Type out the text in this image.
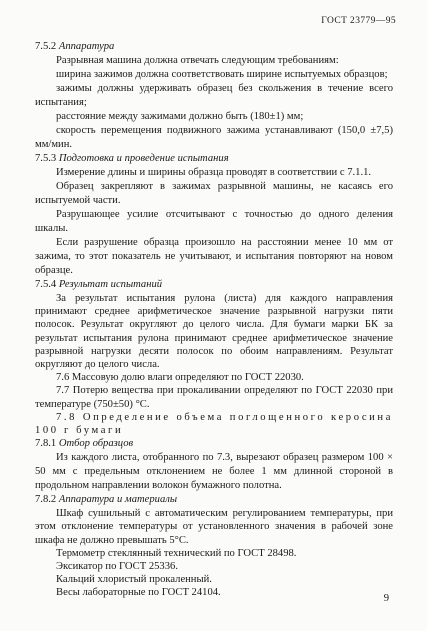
ГОСТ 23779—95

7.5.2 Аппаратура

Разрывная машина должна отвечать следующим требованиям:

ширина зажимов должна соответствовать ширине испытуемых образцов;

зажимы должны удерживать образец без скольжения в течение всего испытания;

расстояние между зажимами должно быть (180±1) мм;

скорость перемещения подвижного зажима устанавливают (150,0 ±7,5) мм/мин.

7.5.3 Подготовка и проведение испытания

Измерение длины и ширины образца проводят в соответствии с 7.1.1.

Образец закрепляют в зажимах разрывной машины, не касаясь его испытуемой части.

Разрушающее усилие отсчитывают с точностью до одного деления шкалы.

Если разрушение образца произошло на расстоянии менее 10 мм от зажима, то этот показатель не учитывают, и испытания повторяют на новом образце.

7.5.4 Результат испытаний

За результат испытания рулона (листа) для каждого направления принимают среднее арифметическое значение разрывной нагрузки пяти полосок. Результат округляют до целого числа. Для бумаги марки БК за результат испытания рулона принимают среднее арифметическое значение разрывной нагрузки десяти полосок по обоим направлениям. Результат округляют до целого числа.

7.6 Массовую долю влаги определяют по ГОСТ 22030.

7.7 Потерю вещества при прокаливании определяют по ГОСТ 22030 при температуре (750±50) °С.

7.8 Определение объема поглощенного керосина 100 г бумаги

7.8.1 Отбор образцов

Из каждого листа, отобранного по 7.3, вырезают образец размером 100 × 50 мм с предельным отклонением не более 1 мм длинной стороной в продольном направлении волокон бумажного полотна.

7.8.2 Аппаратура и материалы

Шкаф сушильный с автоматическим регулированием температуры, при этом отклонение температуры от установленного значения в рабочей зоне шкафа не должно превышать 5°С.

Термометр стеклянный технический по ГОСТ 28498.

Эксикатор по ГОСТ 25336.

Кальций хлористый прокаленный.

Весы лабораторные по ГОСТ 24104.

9
